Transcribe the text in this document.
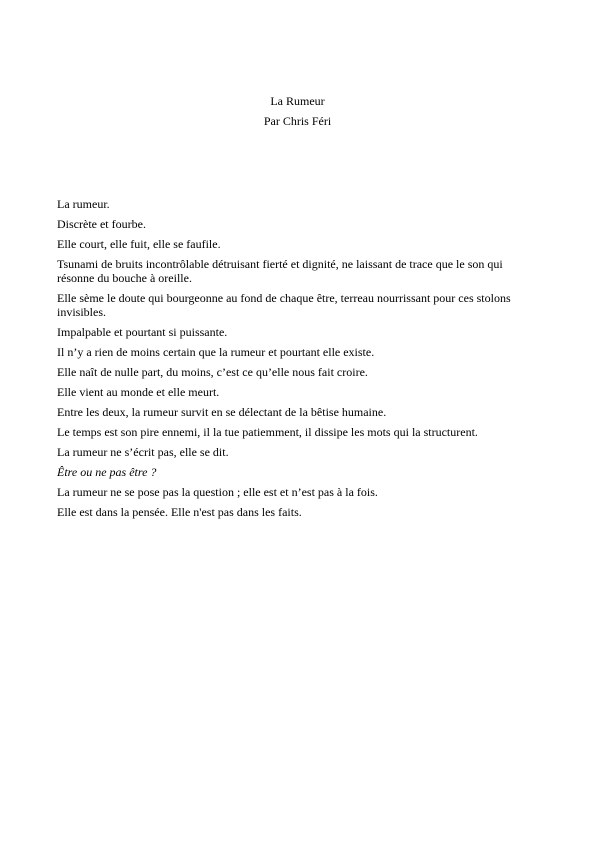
La Rumeur
Par Chris Féri

La rumeur.

Discrète et fourbe.

Elle court, elle fuit, elle se faufile.

Tsunami de bruits incontrôlable détruisant fierté et dignité, ne laissant de trace que le son qui résonne du bouche à oreille.

Elle sème le doute qui bourgeonne au fond de chaque être, terreau nourrissant pour ces stolons invisibles.

Impalpable et pourtant si puissante.

Il n’y a rien de moins certain que la rumeur et pourtant elle existe.

Elle naît de nulle part, du moins, c’est ce qu’elle nous fait croire.

Elle vient au monde et elle meurt.

Entre les deux, la rumeur survit en se délectant de la bêtise humaine.

Le temps est son pire ennemi, il la tue patiemment, il dissipe les mots qui la structurent.

La rumeur ne s’écrit pas, elle se dit.

Être ou ne pas être ?

La rumeur ne se pose pas la question ; elle est et n’est pas à la fois.

Elle est dans la pensée. Elle n'est pas dans les faits.
